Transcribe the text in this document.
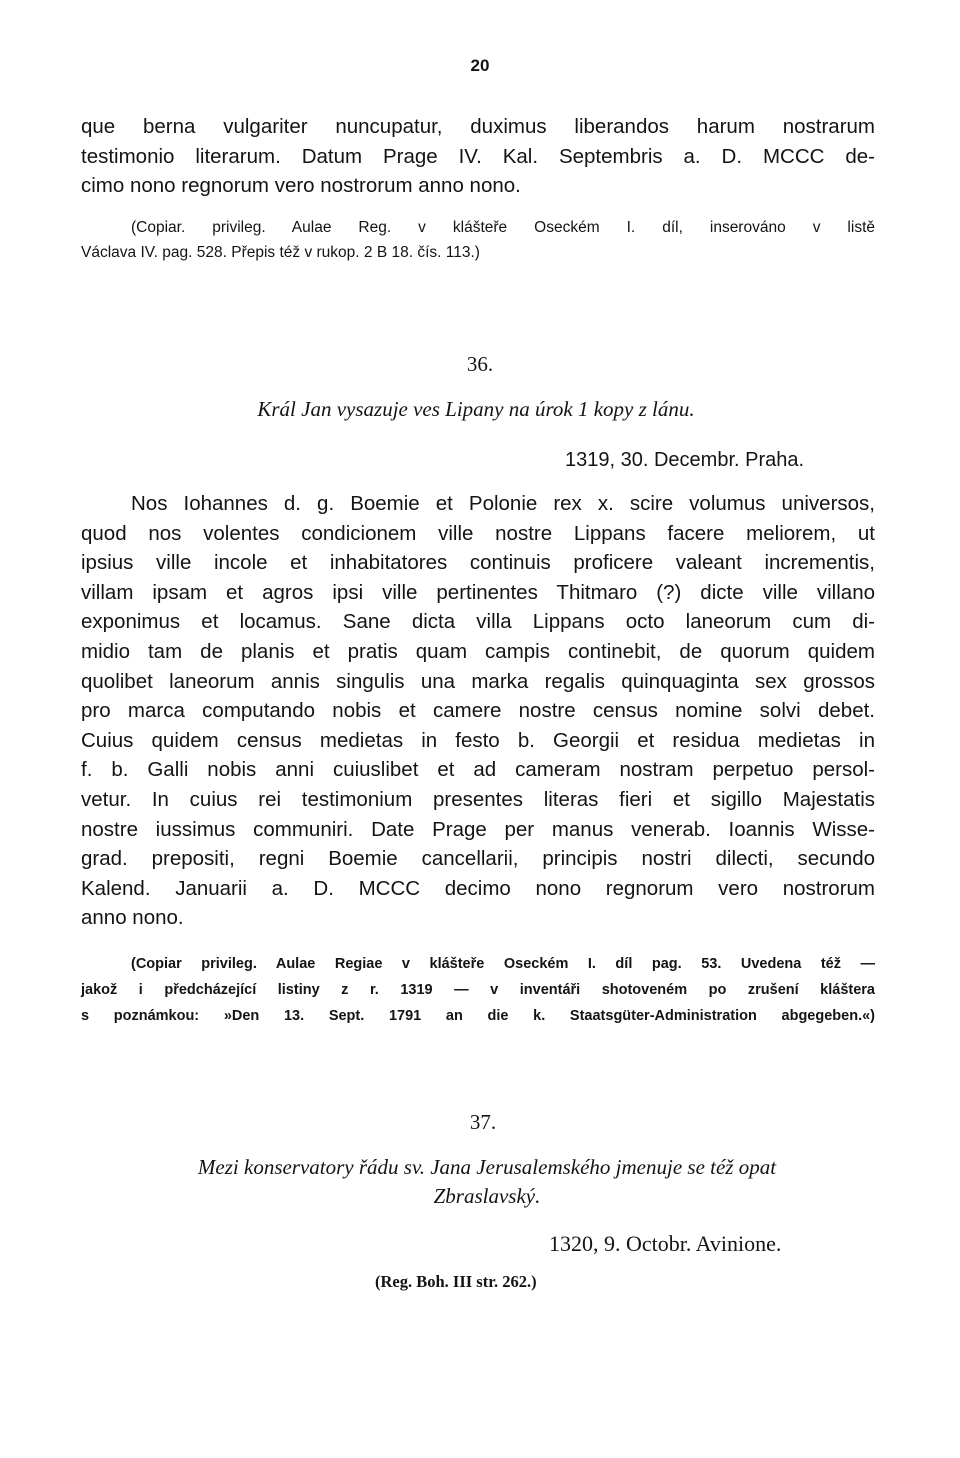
20
que berna vulgariter nuncupatur, duximus liberandos harum nostrarum
testimonio literarum. Datum Prage IV. Kal. Septembris a. D. MCCC de-
cimo nono regnorum vero nostrorum anno nono.
(Copiar. privileg. Aulae Reg. v klášteře Oseckém I. díl, inserováno v listě
Václava IV. pag. 528. Přepis též v rukop. 2 B 18. čís. 113.)
36.
Král Jan vysazuje ves Lipany na úrok 1 kopy z lánu.
1319, 30. Decembr. Praha.
Nos Iohannes d. g. Boemie et Polonie rex x. scire volumus universos,
quod nos volentes condicionem ville nostre Lippans facere meliorem, ut
ipsius ville incole et inhabitatores continuis proficere valeant incrementis,
villam ipsam et agros ipsi ville pertinentes Thitmaro (?) dicte ville villano
exponimus et locamus. Sane dicta villa Lippans octo laneorum cum di-
midio tam de planis et pratis quam campis continebit, de quorum quidem
quolibet laneorum annis singulis una marka regalis quinquaginta sex grossos
pro marca computando nobis et camere nostre census nomine solvi debet.
Cuius quidem census medietas in festo b. Georgii et residua medietas in
f. b. Galli nobis anni cuiuslibet et ad cameram nostram perpetuo persol-
vetur. In cuius rei testimonium presentes literas fieri et sigillo Majestatis
nostre iussimus communiri. Date Prage per manus venerab. Ioannis Wisse-
grad. prepositi, regni Boemie cancellarii, principis nostri dilecti, secundo
Kalend. Januarii a. D. MCCC decimo nono regnorum vero nostrorum
anno nono.
(Copiar privileg. Aulae Regiae v klášteře Oseckém I. díl pag. 53. Uvedena též —
jakož i předcházející listiny z r. 1319 — v inventáři shotoveném po zrušení kláštera
s poznámkou: »Den 13. Sept. 1791 an die k. Staatsgüter-Administration abgegeben.«)
37.
Mezi konservatory řádu sv. Jana Jerusalemského jmenuje se též opat
Zbraslavský.
1320, 9. Octobr. Avinione.
(Reg. Boh. III str. 262.)
